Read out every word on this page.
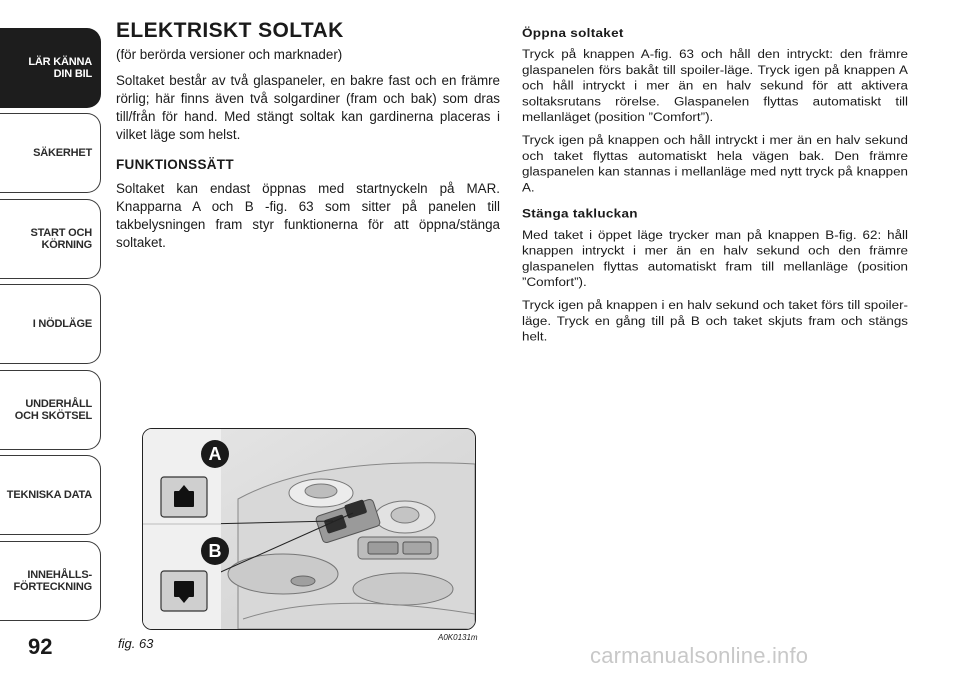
LÄR KÄNNA
DIN BIL
SÄKERHET
START OCH
KÖRNING
I NÖDLÄGE
UNDERHÅLL
OCH SKÖTSEL
TEKNISKA DATA
INNEHÅLLS-
FÖRTECKNING
92
ELEKTRISKT SOLTAK

(för berörda versioner och marknader)

Soltaket består av två glaspaneler, en bakre fast och en främre rörlig; här finns även två solgardiner (fram och bak) som dras till/från för hand. Med stängt soltak kan gardinerna placeras i vilket läge som helst.

FUNKTIONSSÄTT

Soltaket kan endast öppnas med startnyckeln på MAR. Knapparna A och B -fig. 63 som sitter på panelen till takbelysningen fram styr funktionerna för att öppna/stänga soltaket.

Öppna soltaket

Tryck på knappen A-fig. 63 och håll den intryckt: den främre glaspanelen förs bakåt till spoiler-läge. Tryck igen på knappen A och håll intryckt i mer än en halv sekund för att aktivera soltaksrutans rörelse. Glaspanelen flyttas automatiskt till mellanläget (position ”Comfort”).

Tryck igen på knappen och håll intryckt i mer än en halv sekund och taket flyttas automatiskt hela vägen bak. Den främre glaspanelen kan stannas i mellanläge med nytt tryck på knappen A.

Stänga takluckan

Med taket i öppet läge trycker man på knappen B-fig. 62: håll knappen intryckt i mer än en halv sekund och den främre glaspanelen flyttas automatiskt fram till mellanläge (position ”Comfort”).

Tryck igen på knappen i en halv sekund och taket förs till spoiler-läge. Tryck en gång till på B och taket skjuts fram och stängs helt.

A
B
fig. 63	A0K0131m
carmanualsonline.info
